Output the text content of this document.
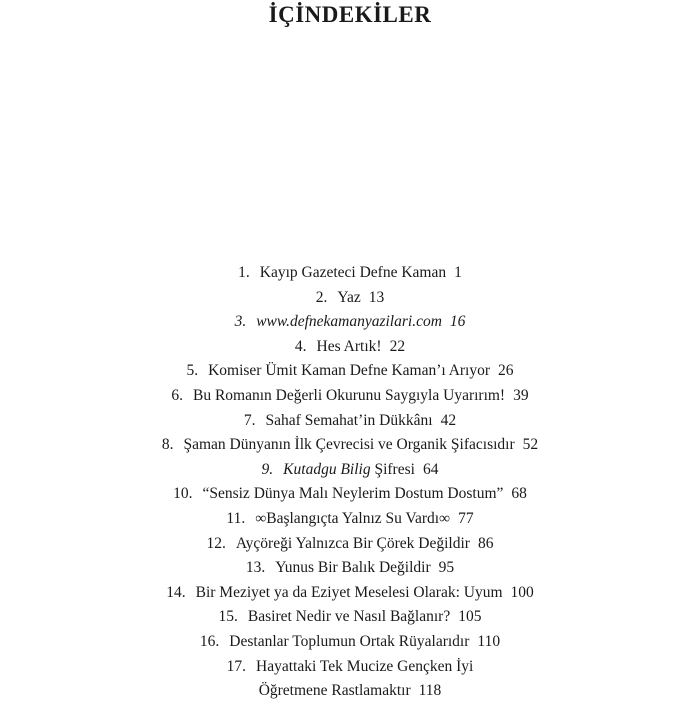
İÇİNDEKİLER
1. Kayıp Gazeteci Defne Kaman 1
2. Yaz 13
3. www.defnekamanyazilari.com 16
4. Hes Artık! 22
5. Komiser Ümit Kaman Defne Kaman’ı Arıyor 26
6. Bu Romanın Değerli Okurunu Saygıyla Uyarırım! 39
7. Sahaf Semahat’in Dükkânı 42
8. Şaman Dünyanın İlk Çevrecisi ve Organik Şifacısıdır 52
9. Kutadgu Bilig Şifresi 64
10. “Sensiz Dünya Malı Neylerim Dostum Dostum” 68
11. ∞Başlangıçta Yalnız Su Vardı∞ 77
12. Ayçöreği Yalnızca Bir Çörek Değildir 86
13. Yunus Bir Balık Değildir 95
14. Bir Meziyet ya da Eziyet Meselesi Olarak: Uyum 100
15. Basiret Nedir ve Nasıl Bağlanır? 105
16. Destanlar Toplumun Ortak Rüyalarıdır 110
17. Hayattaki Tek Mucize Gençken İyi
Öğretmene Rastlamaktır 118
